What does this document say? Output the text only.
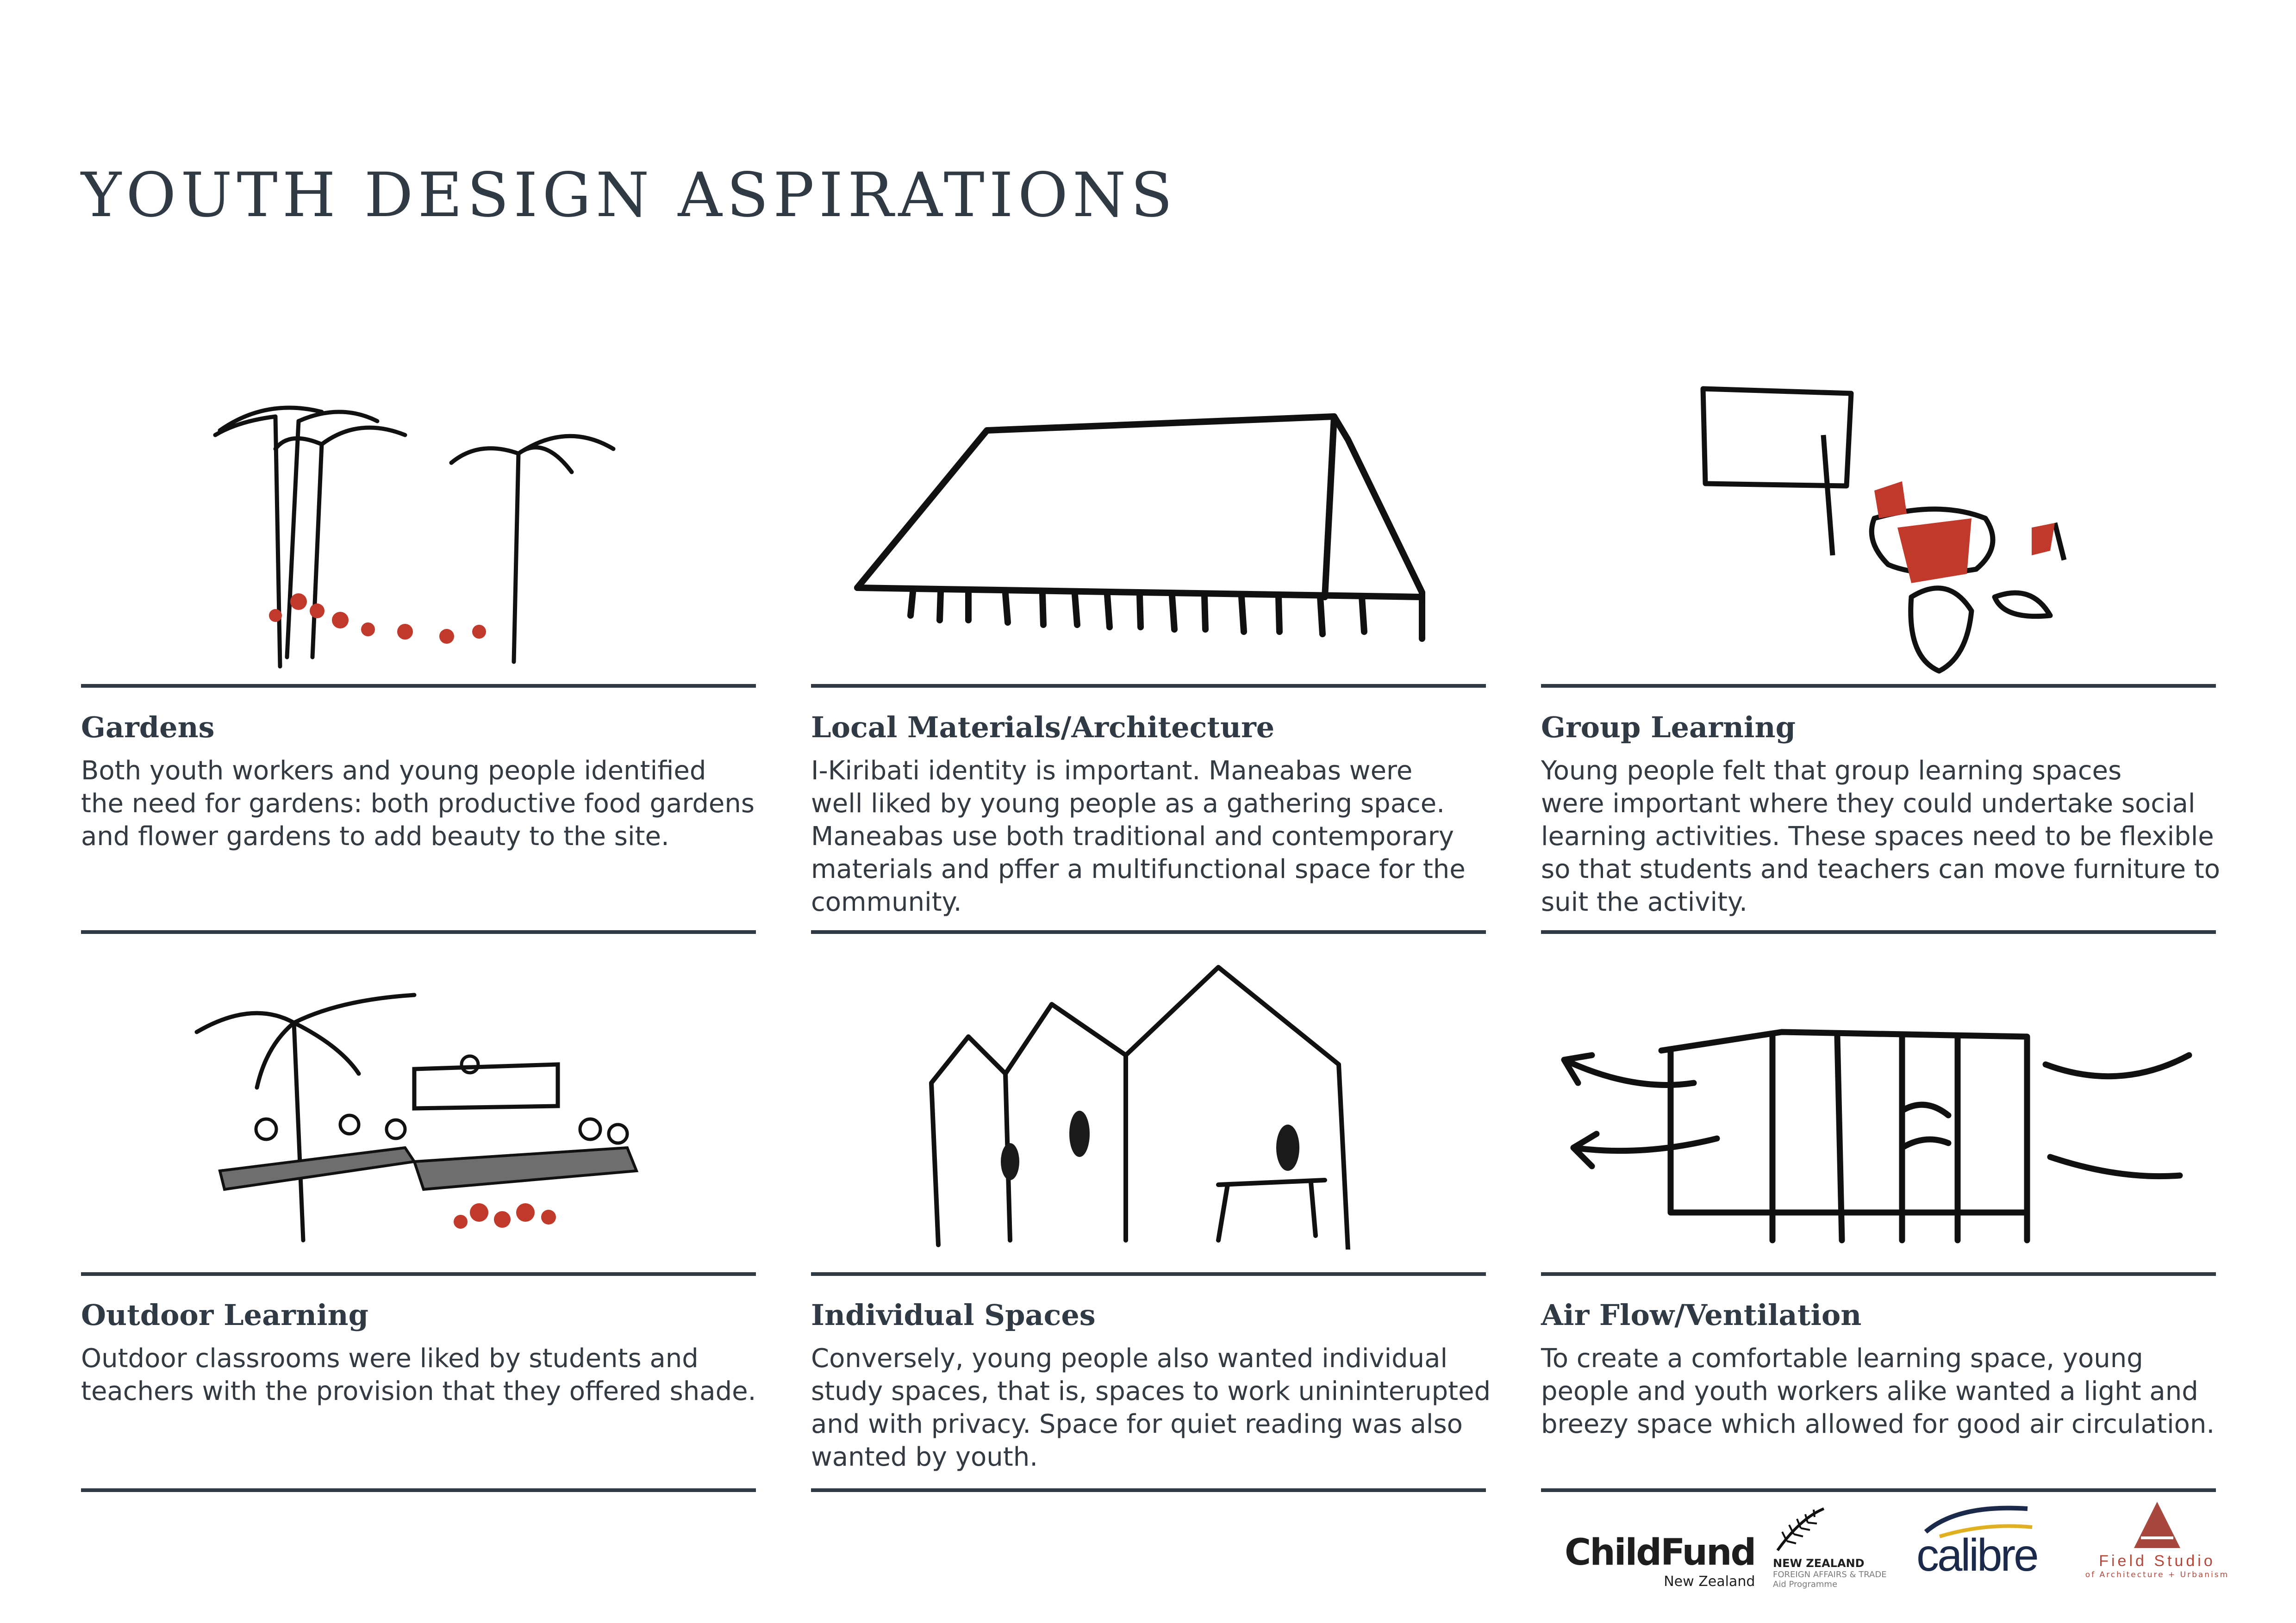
YOUTH DESIGN ASPIRATIONS
Gardens
Both youth workers and young people identified
the need for gardens: both productive food gardens
and flower gardens to add beauty to the site.
Local Materials/Architecture
I-Kiribati identity is important. Maneabas were
well liked by young people as a gathering space.
Maneabas use both traditional and contemporary
materials and pffer a multifunctional space for the
community.
Group Learning
Young people felt that group learning spaces
were important where they could undertake social
learning activities. These spaces need to be flexible
so that students and teachers can move furniture to
suit the activity.
Outdoor Learning
Outdoor classrooms were liked by students and
teachers with the provision that they offered shade.
Individual Spaces
Conversely, young people also wanted individual
study spaces, that is, spaces to work unininterupted
and with privacy. Space for quiet reading was also
wanted by youth.
Air Flow/Ventilation
To create a comfortable learning space, young
people and youth workers alike wanted a light and
breezy space which allowed for good air circulation.
ChildFund
New Zealand
NEW ZEALAND
FOREIGN AFFAIRS & TRADE
Aid Programme
calibre	Field Studio
of Architecture + Urbanism
